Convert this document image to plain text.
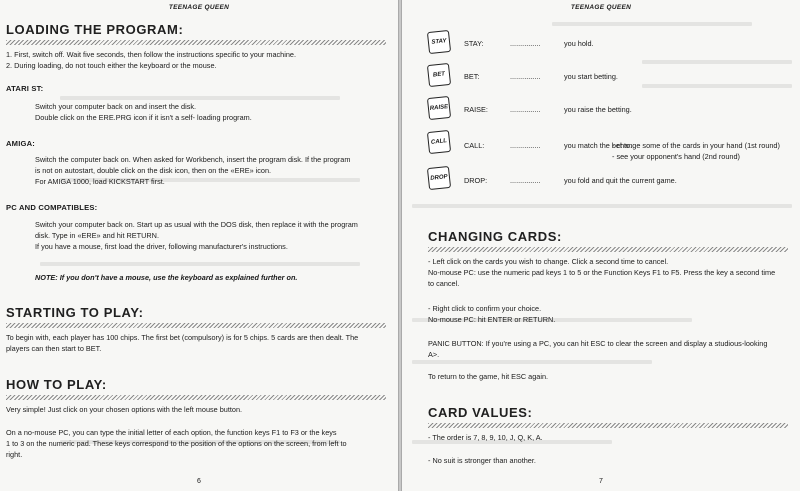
TEENAGE QUEEN
LOADING THE PROGRAM:

1. First, switch off. Wait five seconds, then follow the instructions specific to your machine.

2. During loading, do not touch either the keyboard or the mouse.

ATARI ST:

Switch your computer back on and insert the disk.

Double click on the ERE.PRG icon if it isn't a self- loading program.

AMIGA:

Switch the computer back on. When asked for Workbench, insert the program disk. If the program

is not on autostart, double click on the disk icon, then on the «ERE» icon.

For AMIGA 1000, load KICKSTART first.

PC AND COMPATIBLES:

Switch your computer back on. Start up as usual with the DOS disk, then replace it with the program

disk. Type in «ERE» and hit RETURN.

If you have a mouse, first load the driver, following manufacturer's instructions.

NOTE: If you don't have a mouse, use the keyboard as explained further on.
STARTING TO PLAY:

To begin with, each player has 100 chips. The first bet (compulsory) is for 5 chips. 5 cards are then dealt. The

players can then start to BET.

HOW TO PLAY:
Very simple! Just click on your chosen options with the left mouse button.

On a no-mouse PC, you can type the initial letter of each option, the function keys F1 to F3 or the keys

1 to 3 on the numeric pad. These keys correspond to the position of the options on the screen, from left to

right.

6
TEENAGE QUEEN
STAY	STAY:	...............	you hold.
BET	BET:	...............	you start betting.
RAISE	RAISE:	...............	you raise the betting.
CALL	CALL:	...............	you match the bet to:
- change some of the cards in your hand (1st round)
- see your opponent's hand (2nd round)
DROP	DROP:	...............	you fold and quit the current game.
CHANGING CARDS:

- Left click on the cards you wish to change. Click a second time to cancel.

No-mouse PC: use the numeric pad keys 1 to 5 or the Function Keys F1 to F5. Press the key a second time

to cancel.

- Right click to confirm your choice.

No-mouse PC: hit ENTER or RETURN.

PANIC BUTTON: If you're using a PC, you can hit ESC to clear the screen and display a studious-looking

A>.

To return to the game, hit ESC again.
CARD VALUES:
- The order is 7, 8, 9, 10, J, Q, K, A.
- No suit is stronger than another.
7
